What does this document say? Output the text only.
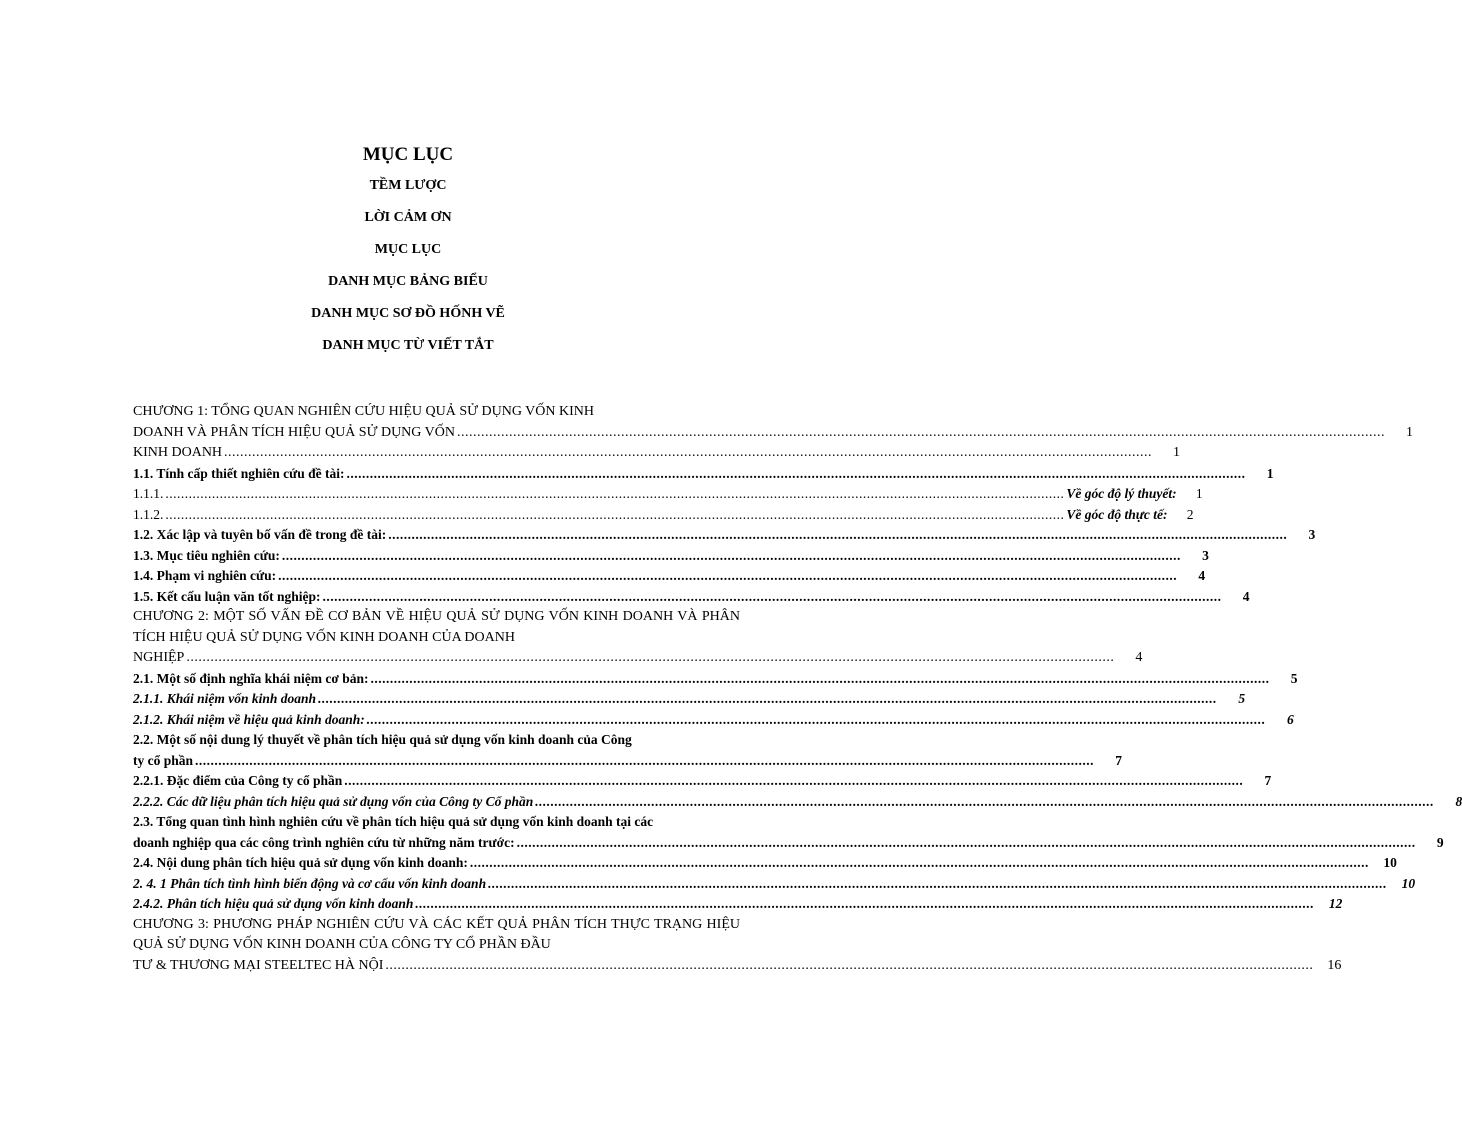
MỤC LỤC
TỀM LƯỢC
LỜI CẢM ƠN
MỤC LỤC
DANH MỤC BẢNG BIỂU
DANH MỤC SƠ ĐỒ HỐNH VẼ
DANH MỤC TỪ VIẾT TẮT
CHƯƠNG 1: TỔNG QUAN NGHIÊN CỨU HIỆU QUẢ SỬ DỤNG VỐN KINH
DOANH VÀ PHÂN TÍCH HIỆU QUẢ SỬ DỤNG VỐN .....	1
KINH DOANH .....	1
1.1. Tính cấp thiết nghiên cứu đề tài: .....	1
1.1.1. .....	Về góc độ lý thuyết:	1
1.1.2. .....	Về góc độ thực tế:	2
1.2. Xác lập và tuyên bố vấn đề trong đề tài: .....	3
1.3. Mục tiêu nghiên cứu: .....	3
1.4. Phạm vi nghiên cứu: .....	4
1.5. Kết cấu luận văn tốt nghiệp: .....	4
CHƯƠNG 2: MỘT SỐ VẤN ĐỀ CƠ BẢN VỀ HIỆU QUẢ SỬ DỤNG VỐN KINH DOANH VÀ PHÂN TÍCH HIỆU QUẢ SỬ DỤNG VỐN KINH DOANH CỦA DOANH
NGHIỆP .....	4
2.1. Một số định nghĩa khái niệm cơ bản: .....	5
2.1.1. Khái niệm vốn kinh doanh .....	5
2.1.2. Khái niệm về hiệu quả kinh doanh: .....	6
2.2. Một số nội dung lý thuyết về phân tích hiệu quả sử dụng vốn kinh doanh của Công
ty cổ phần .....	7
2.2.1. Đặc điểm của Công ty cổ phần .....	7
2.2.2. Các dữ liệu phân tích hiệu quả sử dụng vốn của Công ty Cổ phần .....	8
2.3. Tổng quan tình hình nghiên cứu về phân tích hiệu quả sử dụng vốn kinh doanh tại các
doanh nghiệp qua các công trình nghiên cứu từ những năm trước: .....	9
2.4. Nội dung phân tích hiệu quả sử dụng vốn kinh doanh: .....	10
2. 4. 1 Phân tích tình hình biến động và cơ cấu vốn kinh doanh .....	10
2.4.2. Phân tích hiệu quả sử dụng vốn kinh doanh .....	12
CHƯƠNG 3: PHƯƠNG PHÁP NGHIÊN CỨU VÀ CÁC KẾT QUẢ PHÂN TÍCH THỰC TRẠNG HIỆU QUẢ SỬ DỤNG VỐN KINH DOANH CỦA CÔNG TY CỔ PHẦN ĐẦU
TƯ & THƯƠNG MẠI STEELTEC HÀ NỘI .....	16
